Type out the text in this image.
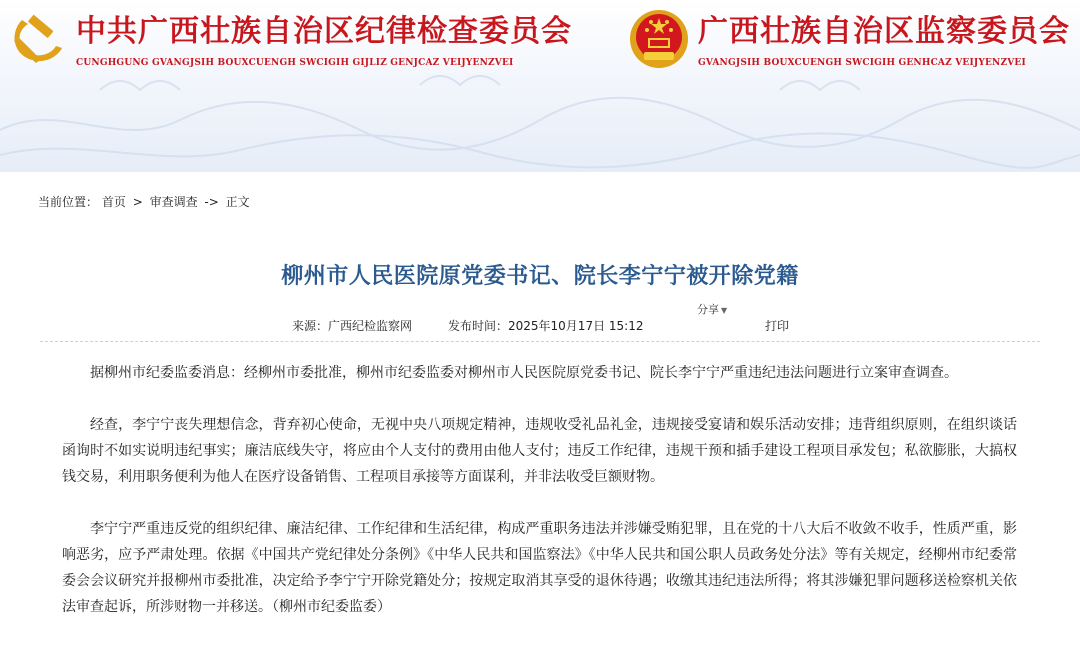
中共广西壮族自治区纪律检查委员会
CUNGHGUNG GVANGJSIH BOUXCUENGH SWCIGIH GIJLIZ GENJCAZ VEIJYENZVEI
广西壮族自治区监察委员会
GVANGJSIH BOUXCUENGH SWCIGIH GENHCAZ VEIJYENZVEI
当前位置： 首页 > 审查调查 -> 正文
柳州市人民医院原党委书记、院长李宁宁被开除党籍
分享 ▼
来源：广西纪检监察网	发布时间：2025年10月17日 15:12	打印

据柳州市纪委监委消息：经柳州市委批准，柳州市纪委监委对柳州市人民医院原党委书记、院长李宁宁严重违纪违法问题进行立案审查调查。

经查，李宁宁丧失理想信念，背弃初心使命，无视中央八项规定精神，违规收受礼品礼金，违规接受宴请和娱乐活动安排；违背组织原则，在组织谈话函询时不如实说明违纪事实；廉洁底线失守，将应由个人支付的费用由他人支付；违反工作纪律，违规干预和插手建设工程项目承发包；私欲膨胀，大搞权钱交易，利用职务便利为他人在医疗设备销售、工程项目承接等方面谋利，并非法收受巨额财物。

李宁宁严重违反党的组织纪律、廉洁纪律、工作纪律和生活纪律，构成严重职务违法并涉嫌受贿犯罪，且在党的十八大后不收敛不收手，性质严重，影响恶劣，应予严肃处理。依据《中国共产党纪律处分条例》《中华人民共和国监察法》《中华人民共和国公职人员政务处分法》等有关规定，经柳州市纪委常委会会议研究并报柳州市委批准，决定给予李宁宁开除党籍处分；按规定取消其享受的退休待遇；收缴其违纪违法所得；将其涉嫌犯罪问题移送检察机关依法审查起诉，所涉财物一并移送。（柳州市纪委监委）
